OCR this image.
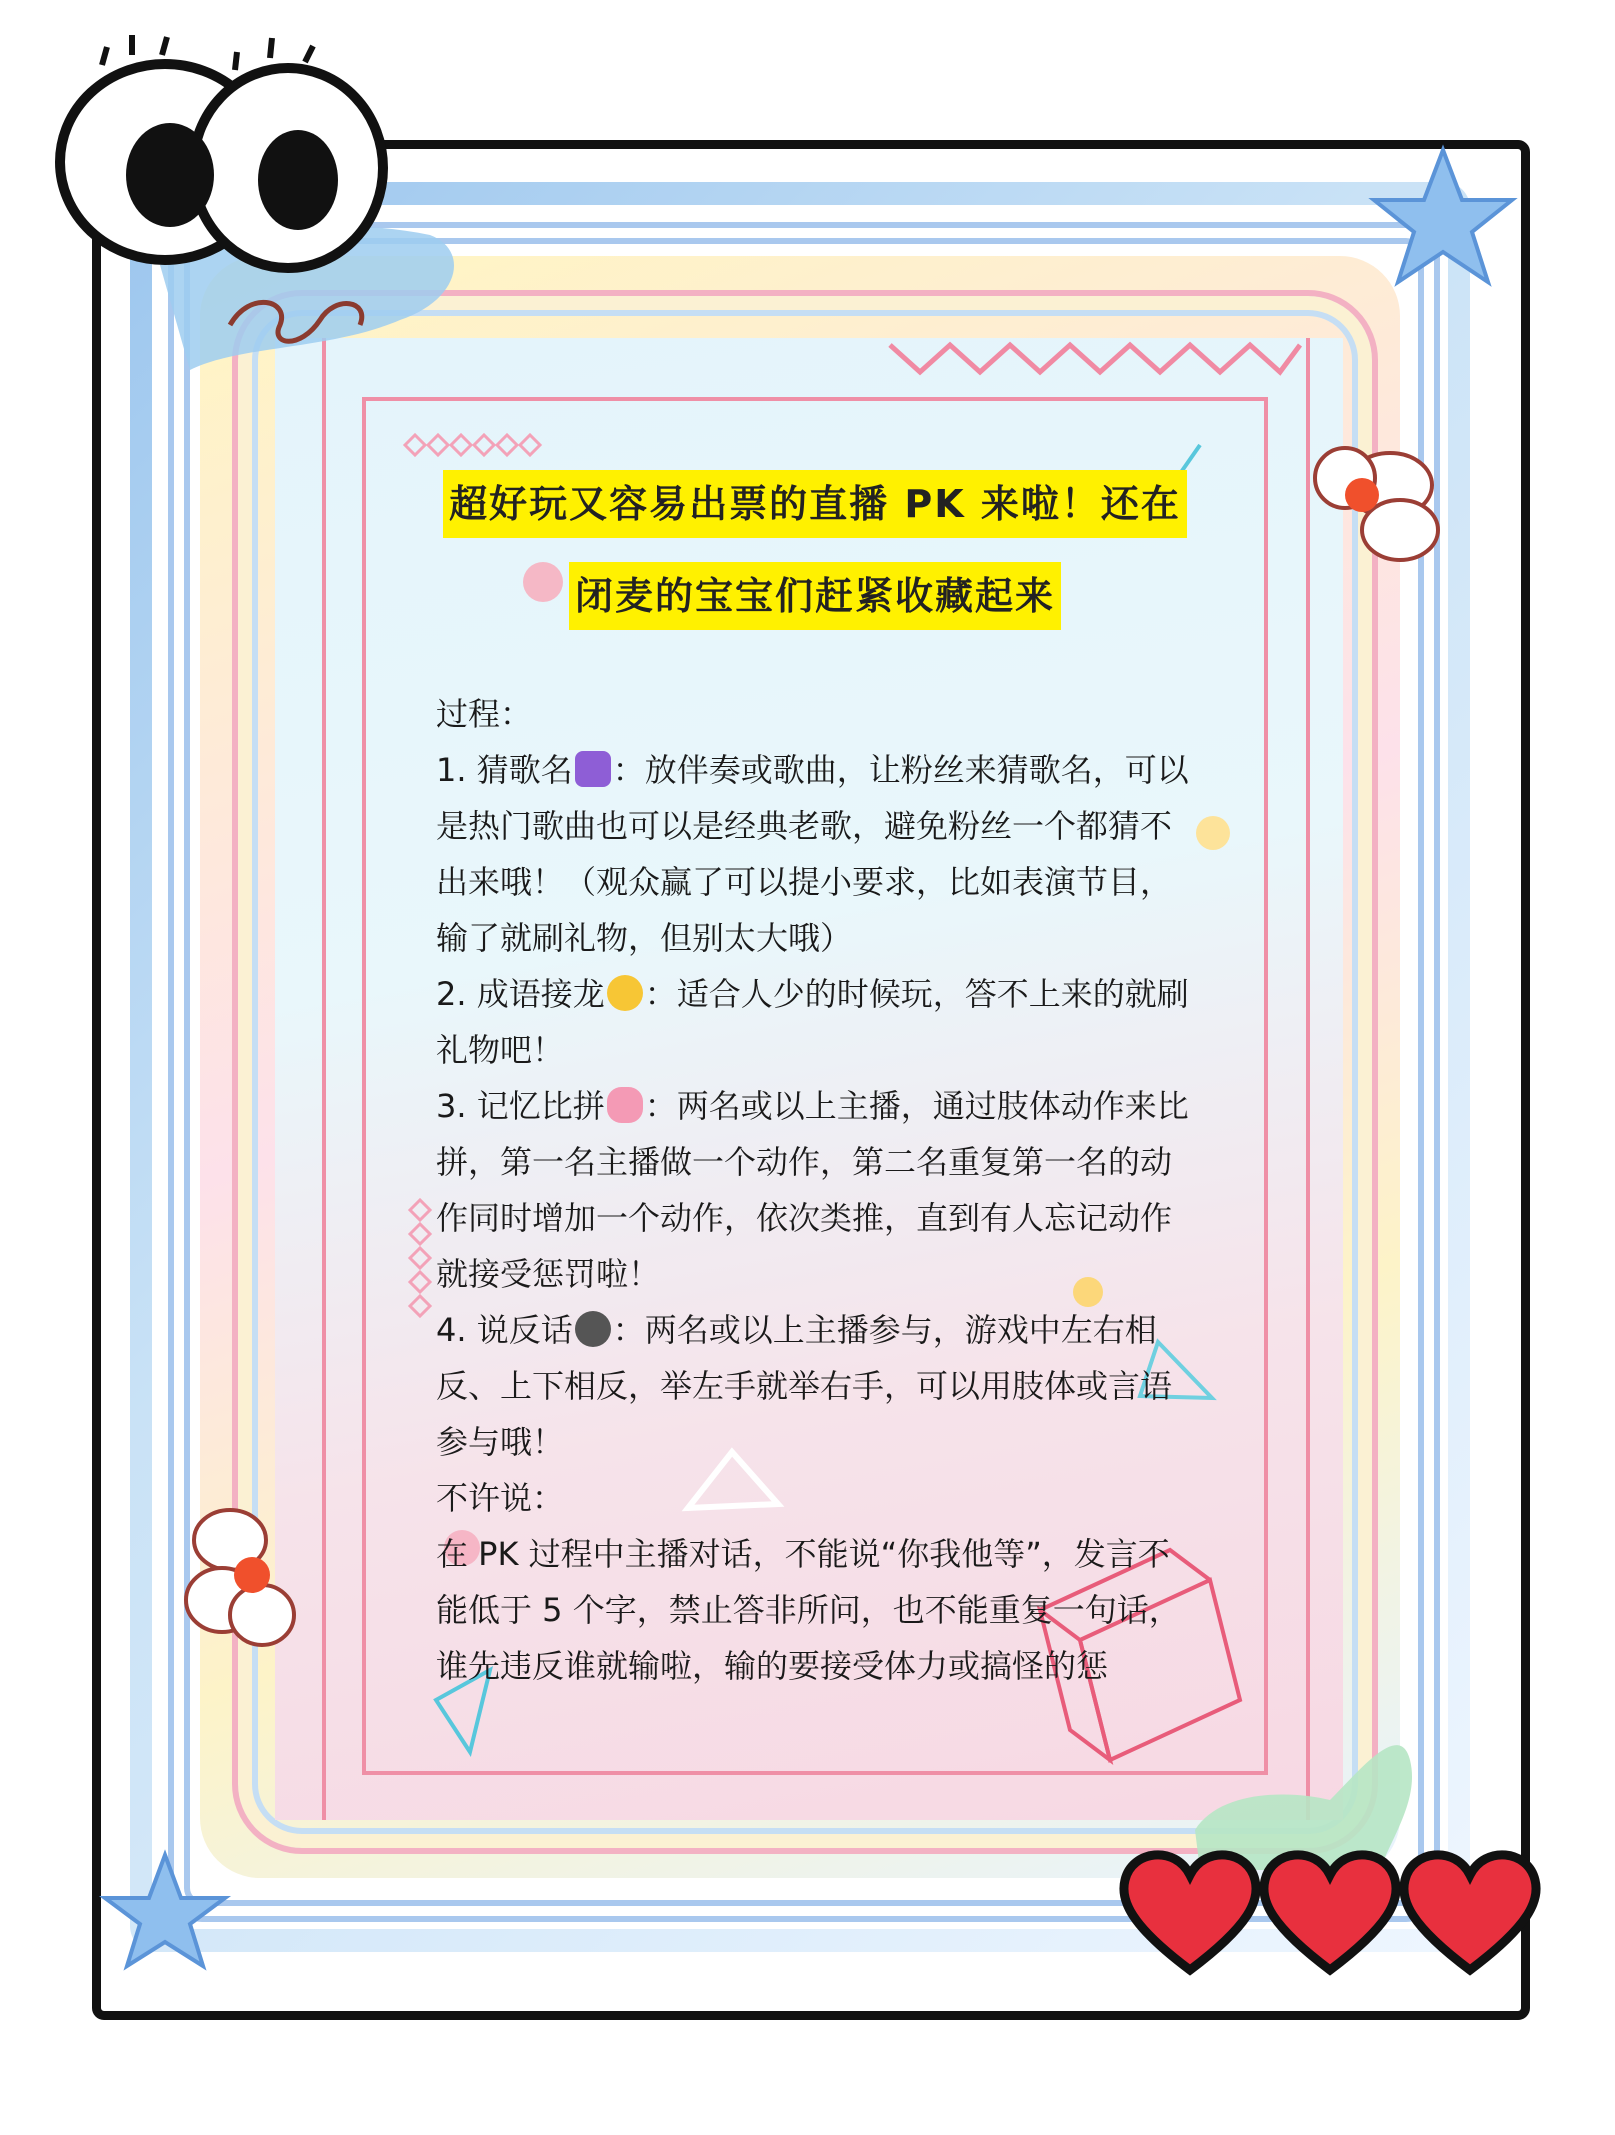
超好玩又容易出票的直播 PK 来啦！还在
闭麦的宝宝们赶紧收藏起来

过程：

1. 猜歌名 ：放伴奏或歌曲，让粉丝来猜歌名，可以是热门歌曲也可以是经典老歌，避免粉丝一个都猜不出来哦！（观众赢了可以提小要求，比如表演节目，输了就刷礼物，但别太大哦）

2. 成语接龙 ：适合人少的时候玩，答不上来的就刷礼物吧！

3. 记忆比拼 ：两名或以上主播，通过肢体动作来比拼，第一名主播做一个动作，第二名重复第一名的动作同时增加一个动作，依次类推，直到有人忘记动作就接受惩罚啦！

4. 说反话 ：两名或以上主播参与，游戏中左右相反、上下相反，举左手就举右手，可以用肢体或言语参与哦！

不许说：

在 PK 过程中主播对话，不能说“你我他等”，发言不能低于 5 个字，禁止答非所问，也不能重复一句话，谁先违反谁就输啦，输的要接受体力或搞怪的惩
